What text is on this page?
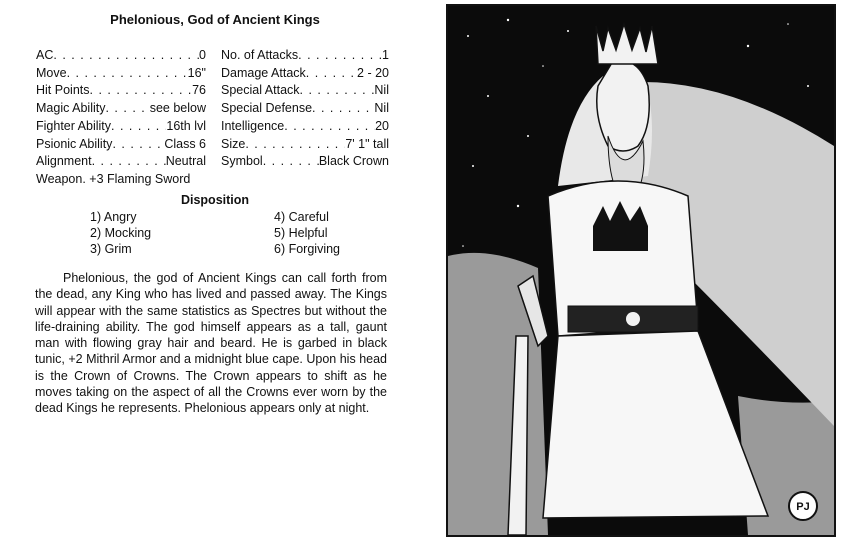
Phelonious, God of Ancient Kings
AC . . .	0
Move . . .	16"
Hit Points . . .	76
Magic Ability . . .	see below
Fighter Ability . . .	16th lvl
Psionic Ability . . .	Class 6
Alignment . . .	Neutral
Weapon. +3 Flaming Sword
No. of Attacks . . .	1
Damage Attack . . .	2 - 20
Special Attack . . .	Nil
Special Defense . . .	Nil
Intelligence . . .	20
Size . . .	7' 1" tall
Symbol . . .	Black Crown
Disposition
1) Angry
2) Mocking
3) Grim
4) Careful
5) Helpful
6) Forgiving

Phelonious, the god of Ancient Kings can call forth from the dead, any King who has lived and passed away. The Kings will appear with the same statistics as Spectres but without the life-draining ability. The god himself appears as a tall, gaunt man with flowing gray hair and beard. He is garbed in black tunic, +2 Mithril Armor and a midnight blue cape. Upon his head is the Crown of Crowns. The Crown appears to shift as he moves taking on the aspect of all the Crowns ever worn by the dead Kings he represents. Phelonious appears only at night.

PJ
